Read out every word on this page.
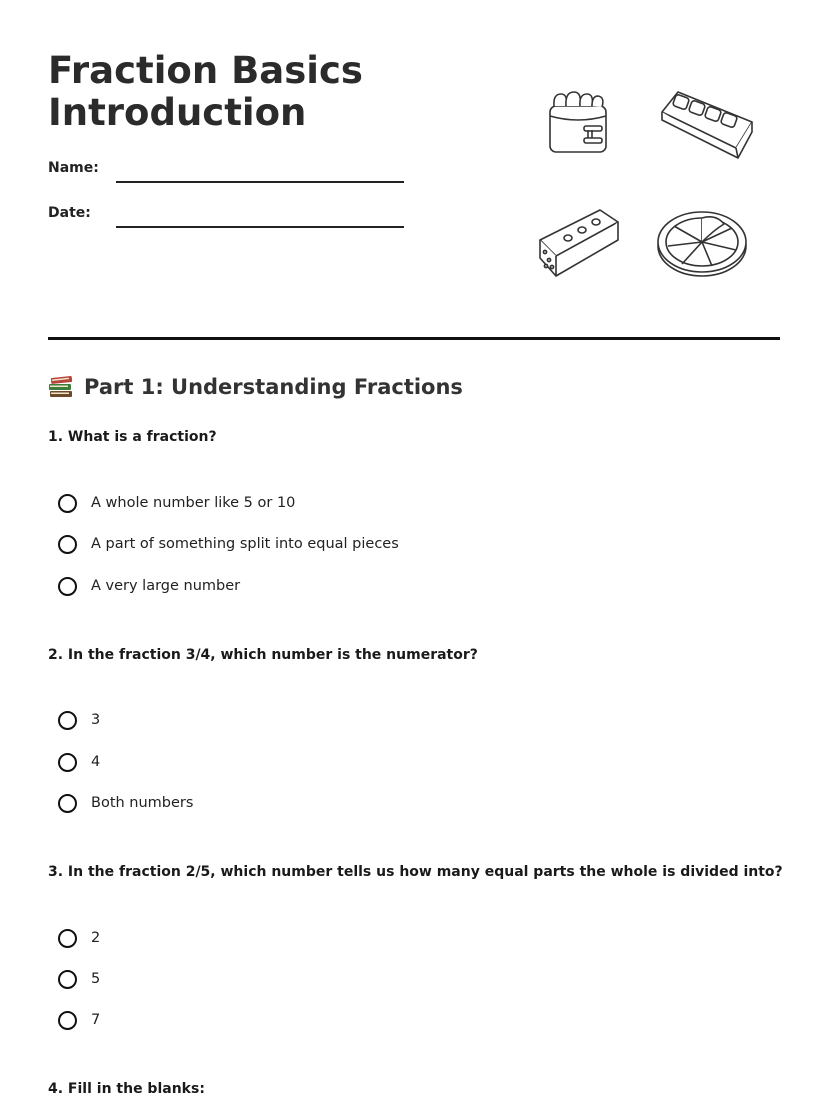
Fraction Basics
Introduction
Name:
Date:
Part 1: Understanding Fractions

1. What is a fraction?

A whole number like 5 or 10
A part of something split into equal pieces
A very large number

2. In the fraction 3/4, which number is the numerator?

3
4
Both numbers

3. In the fraction 2/5, which number tells us how many equal parts the whole is divided into?

2
5
7

4. Fill in the blanks:
